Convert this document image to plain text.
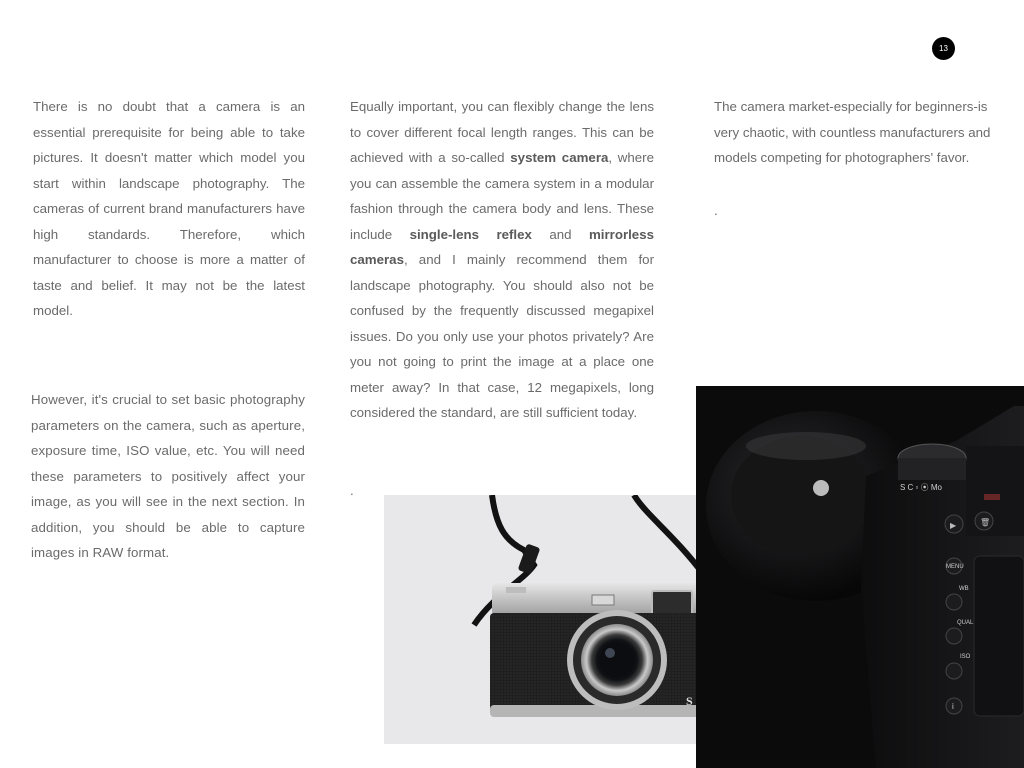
13

There is no doubt that a camera is an essential prerequisite for being able to take pictures. It doesn't matter which model you start within landscape photography. The cameras of current brand manufacturers have high standards. Therefore, which manufacturer to choose is more a matter of taste and belief. It may not be the latest model.

However, it's crucial to set basic photography parameters on the camera, such as aperture, exposure time, ISO value, etc. You will need these parameters to positively affect your image, as you will see in the next section. In addition, you should be able to capture images in RAW format.

Equally important, you can flexibly change the lens to cover different focal length ranges. This can be achieved with a so-called system camera, where you can assemble the camera system in a modular fashion through the camera body and lens. These include single-lens reflex and mirrorless cameras, and I mainly recommend them for landscape photography. You should also not be confused by the frequently discussed megapixel issues. Do you only use your photos privately? Are you not going to print the image at a place one meter away? In that case, 12 megapixels, long considered the standard, are still sufficient today.

.

The camera market-especially for beginners-is very chaotic, with countless manufacturers and models competing for photographers' favor.

.

S
S C ▫ ⦿ Mo
▶	🗑
MENU
WB
QUAL
ISO
i
